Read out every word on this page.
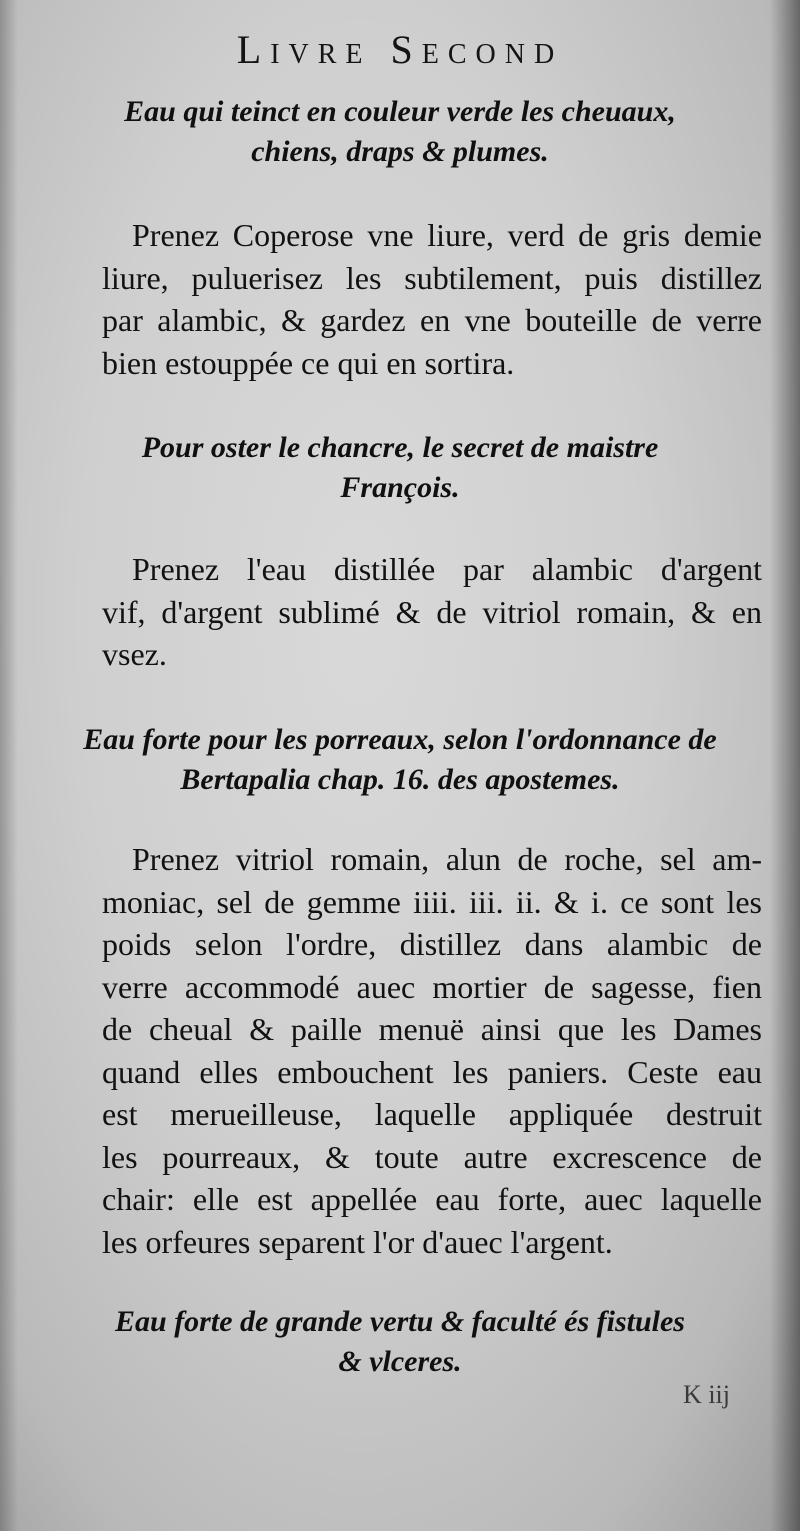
Livre Second
Eau qui teinct en couleur verde les cheuaux,
chiens, draps & plumes.
Prenez Coperose vne liure, verd de gris demie
liure, puluerisez les subtilement, puis distillez
par alambic, & gardez en vne bouteille de verre
bien estouppée ce qui en sortira.
Pour oster le chancre, le secret de maistre
François.
Prenez l'eau distillée par alambic d'argent
vif, d'argent sublimé & de vitriol romain, & en
vsez.
Eau forte pour les porreaux, selon l'ordonnance de
Bertapalia chap. 16. des apostemes.
Prenez vitriol romain, alun de roche, sel am-
moniac, sel de gemme iiii. iii. ii. & i. ce sont les
poids selon l'ordre, distillez dans alambic de
verre accommodé auec mortier de sagesse, fien
de cheual & paille menuë ainsi que les Dames
quand elles embouchent les paniers. Ceste eau
est merueilleuse, laquelle appliquée destruit
les pourreaux, & toute autre excrescence de
chair: elle est appellée eau forte, auec laquelle
les orfeures separent l'or d'auec l'argent.
Eau forte de grande vertu & faculté és fistules
& vlceres.
K iij
